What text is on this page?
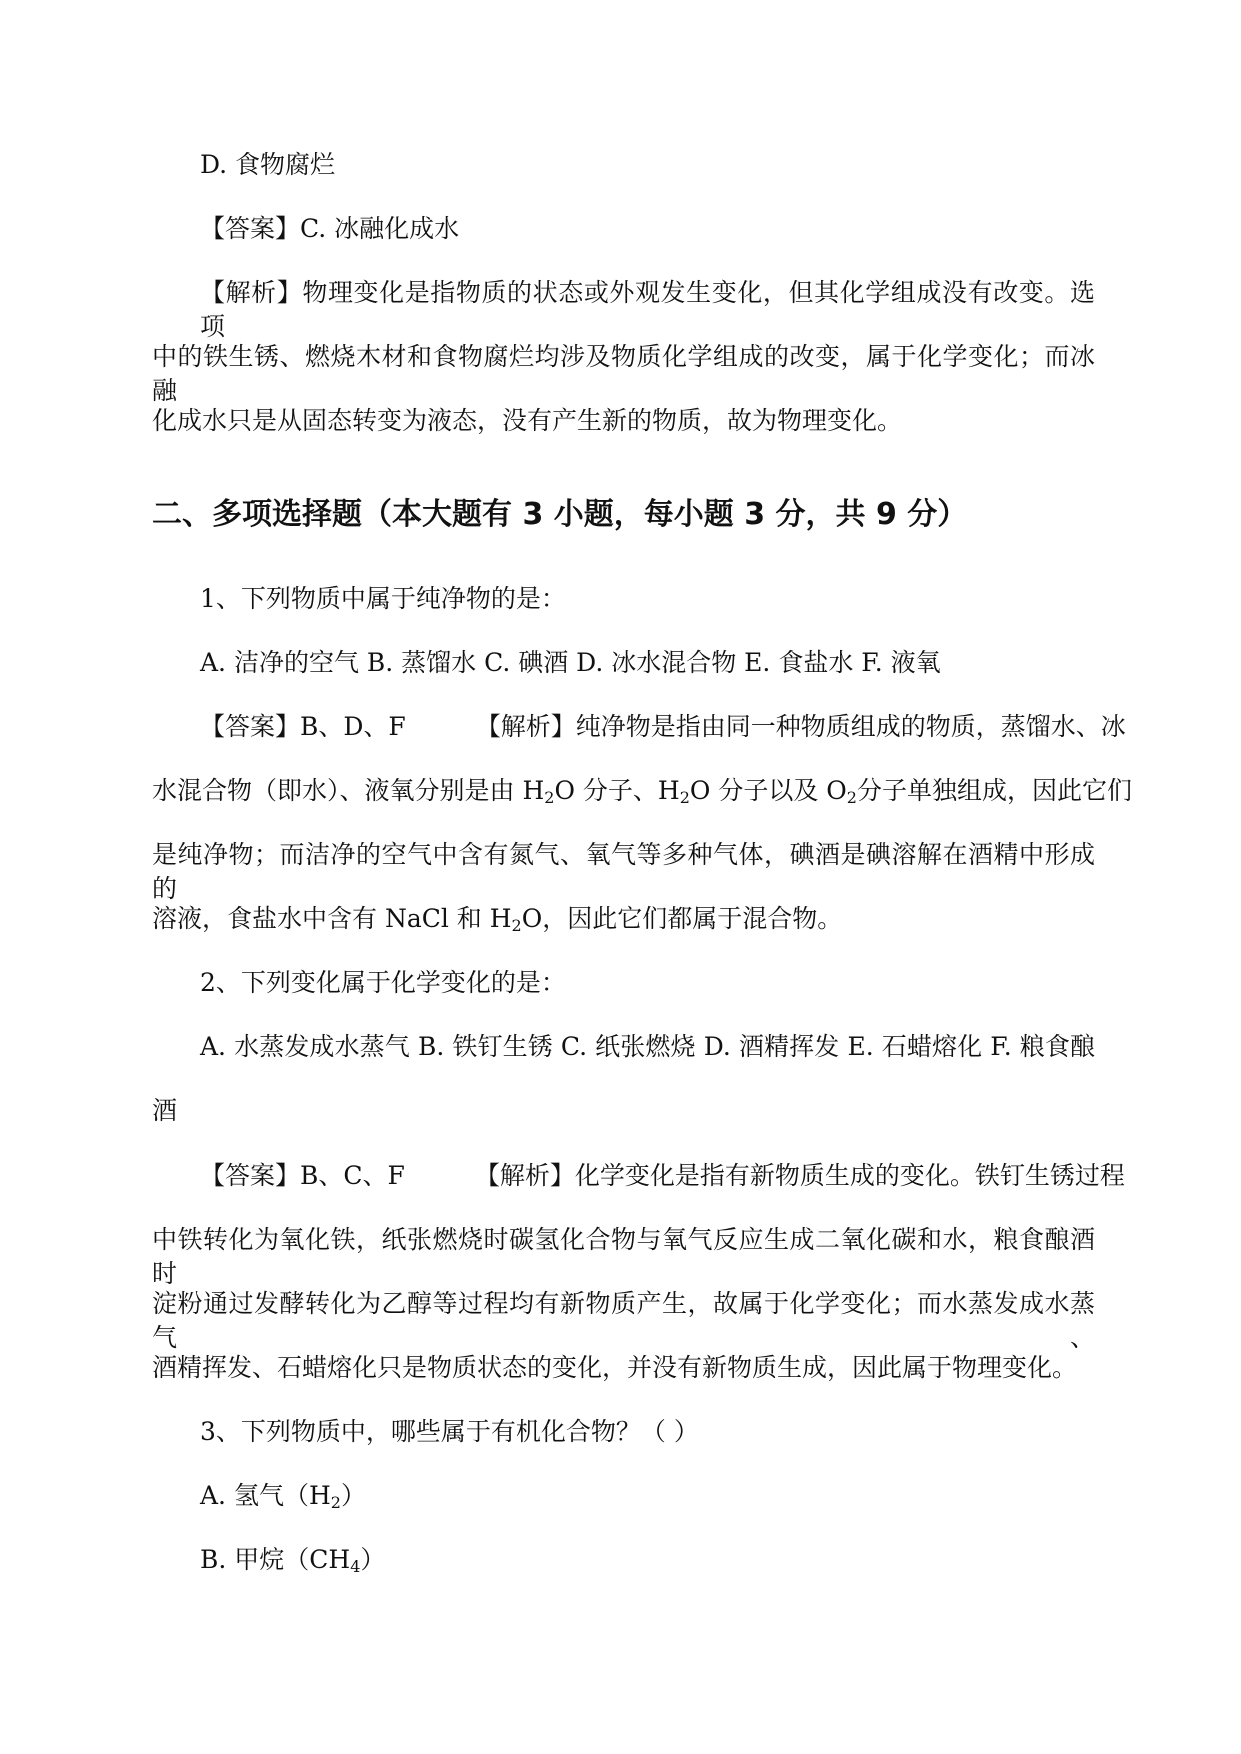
D. 食物腐烂
【答案】C. 冰融化成水
【解析】物理变化是指物质的状态或外观发生变化，但其化学组成没有改变。选项
中的铁生锈、燃烧木材和食物腐烂均涉及物质化学组成的改变，属于化学变化；而冰融
化成水只是从固态转变为液态，没有产生新的物质，故为物理变化。
二、多项选择题（本大题有 3 小题，每小题 3 分，共 9 分）
1、下列物质中属于纯净物的是：
A. 洁净的空气 B. 蒸馏水 C. 碘酒 D. 冰水混合物 E. 食盐水 F. 液氧
【答案】B、D、F	【解析】纯净物是指由同一种物质组成的物质，蒸馏水、冰
水混合物（即水）、液氧分别是由 $H_2O$ 分子、$H_2O$ 分子以及 $O_2$分子单独组成，因此它们
是纯净物；而洁净的空气中含有氮气、氧气等多种气体，碘酒是碘溶解在酒精中形成的
溶液，食盐水中含有 NaCl 和 $H_2O$，因此它们都属于混合物。
2、下列变化属于化学变化的是：
A. 水蒸发成水蒸气 B. 铁钉生锈 C. 纸张燃烧 D. 酒精挥发 E. 石蜡熔化 F. 粮食酿
酒
【答案】B、C、F	【解析】化学变化是指有新物质生成的变化。铁钉生锈过程
中铁转化为氧化铁，纸张燃烧时碳氢化合物与氧气反应生成二氧化碳和水，粮食酿酒时
淀粉通过发酵转化为乙醇等过程均有新物质产生，故属于化学变化；而水蒸发成水蒸气、
酒精挥发、石蜡熔化只是物质状态的变化，并没有新物质生成，因此属于物理变化。
3、下列物质中，哪些属于有机化合物？（ ）
A. 氢气$(H_2)$
B. 甲烷$(CH_4)$
